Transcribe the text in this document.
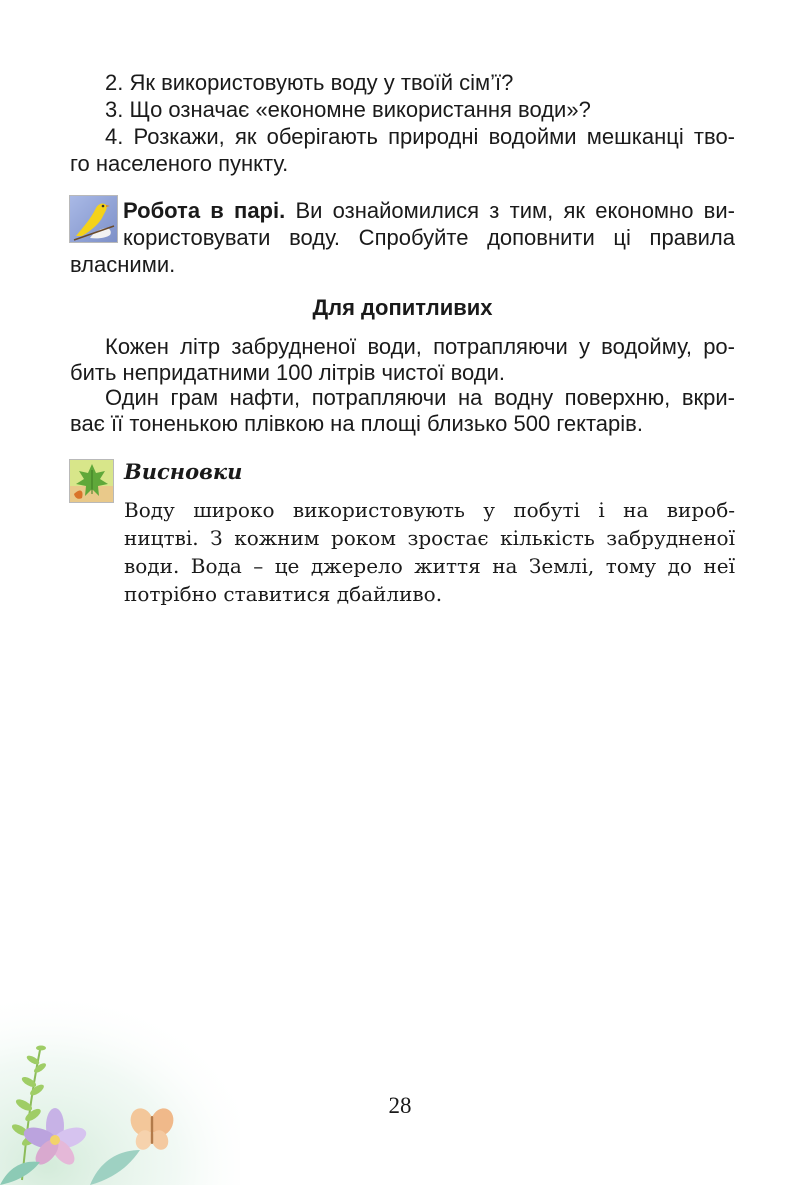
2. Як використовують воду у твоїй сім’ї?
3. Що означає «економне використання води»?
4. Розкажи, як оберігають природні водойми мешканці тво-
го населеного пункту.
Робота в парі. Ви ознайомилися з тим, як економно ви-
користовувати воду. Спробуйте доповнити ці правила
власними.
Для допитливих
Кожен літр забрудненої води, потрапляючи у водойму, ро-
бить непридатними 100 літрів чистої води.
Один грам нафти, потрапляючи на водну поверхню, вкри-
ває її тоненькою плівкою на площі близько 500 гектарів.
Висновки
Воду широко використовують у побуті і на вироб-
ництві. З кожним роком зростає кількість забрудненої
води. Вода – це джерело життя на Землі, тому до неї
потрібно ставитися дбайливо.
28
